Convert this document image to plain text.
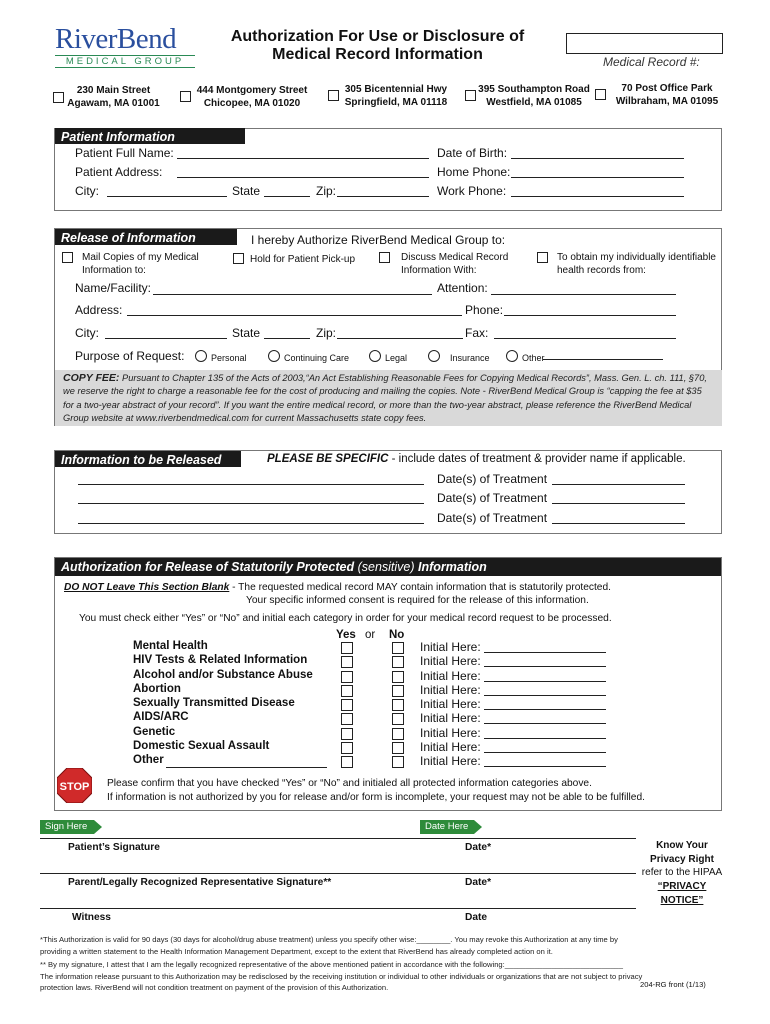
RiverBend
MEDICAL GROUP
Authorization For Use or Disclosure of
Medical Record Information	Medical Record #:
230 Main Street
Agawam, MA 01001
444 Montgomery Street
Chicopee, MA 01020
305 Bicentennial Hwy
Springfield, MA 01118
395 Southampton Road
Westfield, MA 01085
70 Post Office Park
Wilbraham, MA 01095
Patient Information
Patient Full Name:	Date of Birth:
Patient Address:	Home Phone:
City:	State	Zip:	Work Phone:
Release of Information	I hereby Authorize RiverBend Medical Group to:
Mail Copies of my Medical
Information to:
Hold for Patient Pick-up	Discuss Medical Record
Information With:
To obtain my individually identifiable
health records from:
Name/Facility:	Attention:
Address:	Phone:
City:	State	Zip:	Fax:
Purpose of Request:	Personal	Continuing Care	Legal	Insurance	Other
COPY FEE: Pursuant to Chapter 135 of the Acts of 2003,“An Act Establishing Reasonable Fees for Copying Medical Records”, Mass. Gen. L. ch. 111, §70, we reserve the right to charge a reasonable fee for the cost of producing and mailing the copies. Note - RiverBend Medical Group is “capping the fee at $35 for a two-year abstract of your record”. If you want the entire medical record, or more than the two-year abstract, please reference the RiverBend Medical Group website at www.riverbendmedical.com for current Massachusetts state copy fees.
Information to be Released	PLEASE BE SPECIFIC - include dates of treatment & provider name if applicable.
Date(s) of Treatment
Date(s) of Treatment
Date(s) of Treatment
Authorization for Release of Statutorily Protected (sensitive) Information
DO NOT Leave This Section Blank - The requested medical record MAY contain information that is statutorily protected.
Your specific informed consent is required for the release of this information.
You must check either “Yes” or “No” and initial each category in order for your medical record request to be processed.
Yes or No
Mental Health	Initial Here:
HIV Tests & Related Information	Initial Here:
Alcohol and/or Substance Abuse	Initial Here:
Abortion	Initial Here:
Sexually Transmitted Disease	Initial Here:
AIDS/ARC	Initial Here:
Genetic	Initial Here:
Domestic Sexual Assault	Initial Here:
Other	Initial Here:
STOP Please confirm that you have checked “Yes” or “No” and initialed all protected information categories above.
If information is not authorized by you for release and/or form is incomplete, your request may not be able to be fulfilled.
Sign Here	Date Here
Patient’s Signature	Date*
Parent/Legally Recognized Representative Signature**	Date*
Witness	Date
Know Your
Privacy Right
refer to the HIPAA
“PRIVACY
NOTICE”
*This Authorization is valid for 90 days (30 days for alcohol/drug abuse treatment) unless you specify other wise:________. You may revoke this Authorization at any time by
providing a written statement to the Health Information Management Department, except to the extent that RiverBend has already completed action on it.
** By my signature, I attest that I am the legally recognized representative of the above mentioned patient in accordance with the following:____________________________
The information release pursuant to this Authorization may be redisclosed by the receiving institution or individual to other individuals or organizations that are not subject to privacy
protection laws. RiverBend will not condition treatment on payment of the provision of this Authorization.	204-RG front (1/13)
